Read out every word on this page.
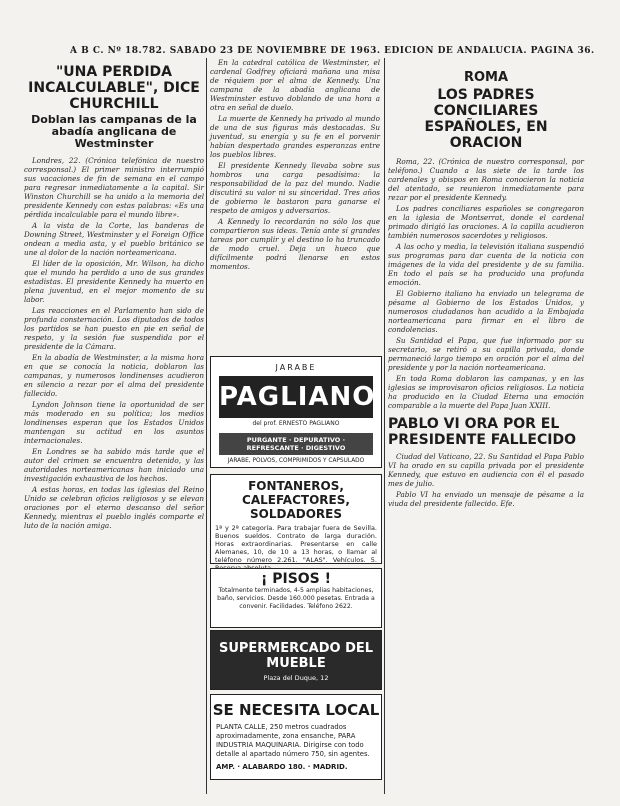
A B C. Nº 18.782. SABADO 23 DE NOVIEMBRE DE 1963. EDICION DE ANDALUCIA. PAGINA 36.
"UNA PERDIDA INCALCULABLE", DICE CHURCHILL
Doblan las campanas de la abadía anglicana de Westminster

Londres, 22. (Crónica telefónica de nuestro corresponsal.) El primer ministro interrumpió sus vacaciones de fin de semana en el campo para regresar inmediatamente a la capital. Sir Winston Churchill se ha unido a la memoria del presidente Kennedy con estas palabras: «Es una pérdida incalculable para el mundo libre».

A la vista de la Corte, las banderas de Downing Street, Westminster y el Foreign Office ondean a media asta, y el pueblo británico se une al dolor de la nación norteamericana.

El líder de la oposición, Mr. Wilson, ha dicho que el mundo ha perdido a uno de sus grandes estadistas. El presidente Kennedy ha muerto en plena juventud, en el mejor momento de su labor.

Las reacciones en el Parlamento han sido de profunda consternación. Los diputados de todos los partidos se han puesto en pie en señal de respeto, y la sesión fue suspendida por el presidente de la Cámara.

En la abadía de Westminster, a la misma hora en que se conocía la noticia, doblaron las campanas, y numerosos londinenses acudieron en silencio a rezar por el alma del presidente fallecido.

Lyndon Johnson tiene la oportunidad de ser más moderado en su política; los medios londinenses esperan que los Estados Unidos mantengan su actitud en los asuntos internacionales.

En Londres se ha sabido más tarde que el autor del crimen se encuentra detenido, y las autoridades norteamericanas han iniciado una investigación exhaustiva de los hechos.

A estas horas, en todas las iglesias del Reino Unido se celebran oficios religiosos y se elevan oraciones por el eterno descanso del señor Kennedy, mientras el pueblo inglés comparte el luto de la nación amiga.

En la catedral católica de Westminster, el cardenal Godfrey oficiará mañana una misa de réquiem por el alma de Kennedy. Una campana de la abadía anglicana de Westminster estuvo doblando de una hora a otra en señal de duelo.

La muerte de Kennedy ha privado al mundo de una de sus figuras más destacadas. Su juventud, su energía y su fe en el porvenir habían despertado grandes esperanzas entre los pueblos libres.

El presidente Kennedy llevaba sobre sus hombros una carga pesadísima: la responsabilidad de la paz del mundo. Nadie discutirá su valor ni su sinceridad. Tres años de gobierno le bastaron para ganarse el respeto de amigos y adversarios.

A Kennedy lo recordarán no sólo los que compartieron sus ideas. Tenía ante sí grandes tareas por cumplir y el destino lo ha truncado de modo cruel. Deja un hueco que difícilmente podrá llenarse en estos momentos.

JARABE
PAGLIANO
del prof. ERNESTO PAGLIANO
PURGANTE · DEPURATIVO · REFRESCANTE · DIGESTIVO
JARABE, POLVOS, COMPRIMIDOS Y CAPSULADO
FONTANEROS, CALEFACTORES, SOLDADORES
1ª y 2ª categoría. Para trabajar fuera de Sevilla. Buenos sueldos. Contrato de larga duración. Horas extraordinarias. Presentarse en calle Alemanes, 10, de 10 a 13 horas, o llamar al teléfono número 2.261. "ALAS". Vehículos. 5.
¡ PISOS !
Totalmente terminados, 4-5 amplias habitaciones, baño, servicios. Desde 160.000 pesetas. Entrada a convenir. Facilidades. Teléfono 2622.
SUPERMERCADO DEL MUEBLE
Plaza del Duque, 12
SE NECESITA LOCAL
PLANTA CALLE, 250 metros cuadrados aproximadamente, zona ensanche, PARA INDUSTRIA MAQUINARIA. Dirigirse con todo detalle al apartado número 750, sin agentes.
AMP. · ALABARDO 180. · MADRID.
ROMA
LOS PADRES CONCILIARES ESPAÑOLES, EN ORACION

Roma, 22. (Crónica de nuestro corresponsal, por teléfono.) Cuando a las siete de la tarde los cardenales y obispos en Roma conocieron la noticia del atentado, se reunieron inmediatamente para rezar por el presidente Kennedy.

Los padres conciliares españoles se congregaron en la iglesia de Montserrat, donde el cardenal primado dirigió las oraciones. A la capilla acudieron también numerosos sacerdotes y religiosos.

A las ocho y media, la televisión italiana suspendió sus programas para dar cuenta de la noticia con imágenes de la vida del presidente y de su familia. En todo el país se ha producido una profunda emoción.

El Gobierno italiano ha enviado un telegrama de pésame al Gobierno de los Estados Unidos, y numerosos ciudadanos han acudido a la Embajada norteamericana para firmar en el libro de condolencias.

Su Santidad el Papa, que fue informado por su secretario, se retiró a su capilla privada, donde permaneció largo tiempo en oración por el alma del presidente y por la nación norteamericana.

En toda Roma doblaron las campanas, y en las iglesias se improvisaron oficios religiosos. La noticia ha producido en la Ciudad Eterna una emoción comparable a la muerte del Papa Juan XXIII.

PABLO VI ORA POR EL PRESIDENTE FALLECIDO

Ciudad del Vaticano, 22. Su Santidad el Papa Pablo VI ha orado en su capilla privada por el presidente Kennedy, que estuvo en audiencia con él el pasado mes de julio.

Pablo VI ha enviado un mensaje de pésame a la viuda del presidente fallecido. Efe.
